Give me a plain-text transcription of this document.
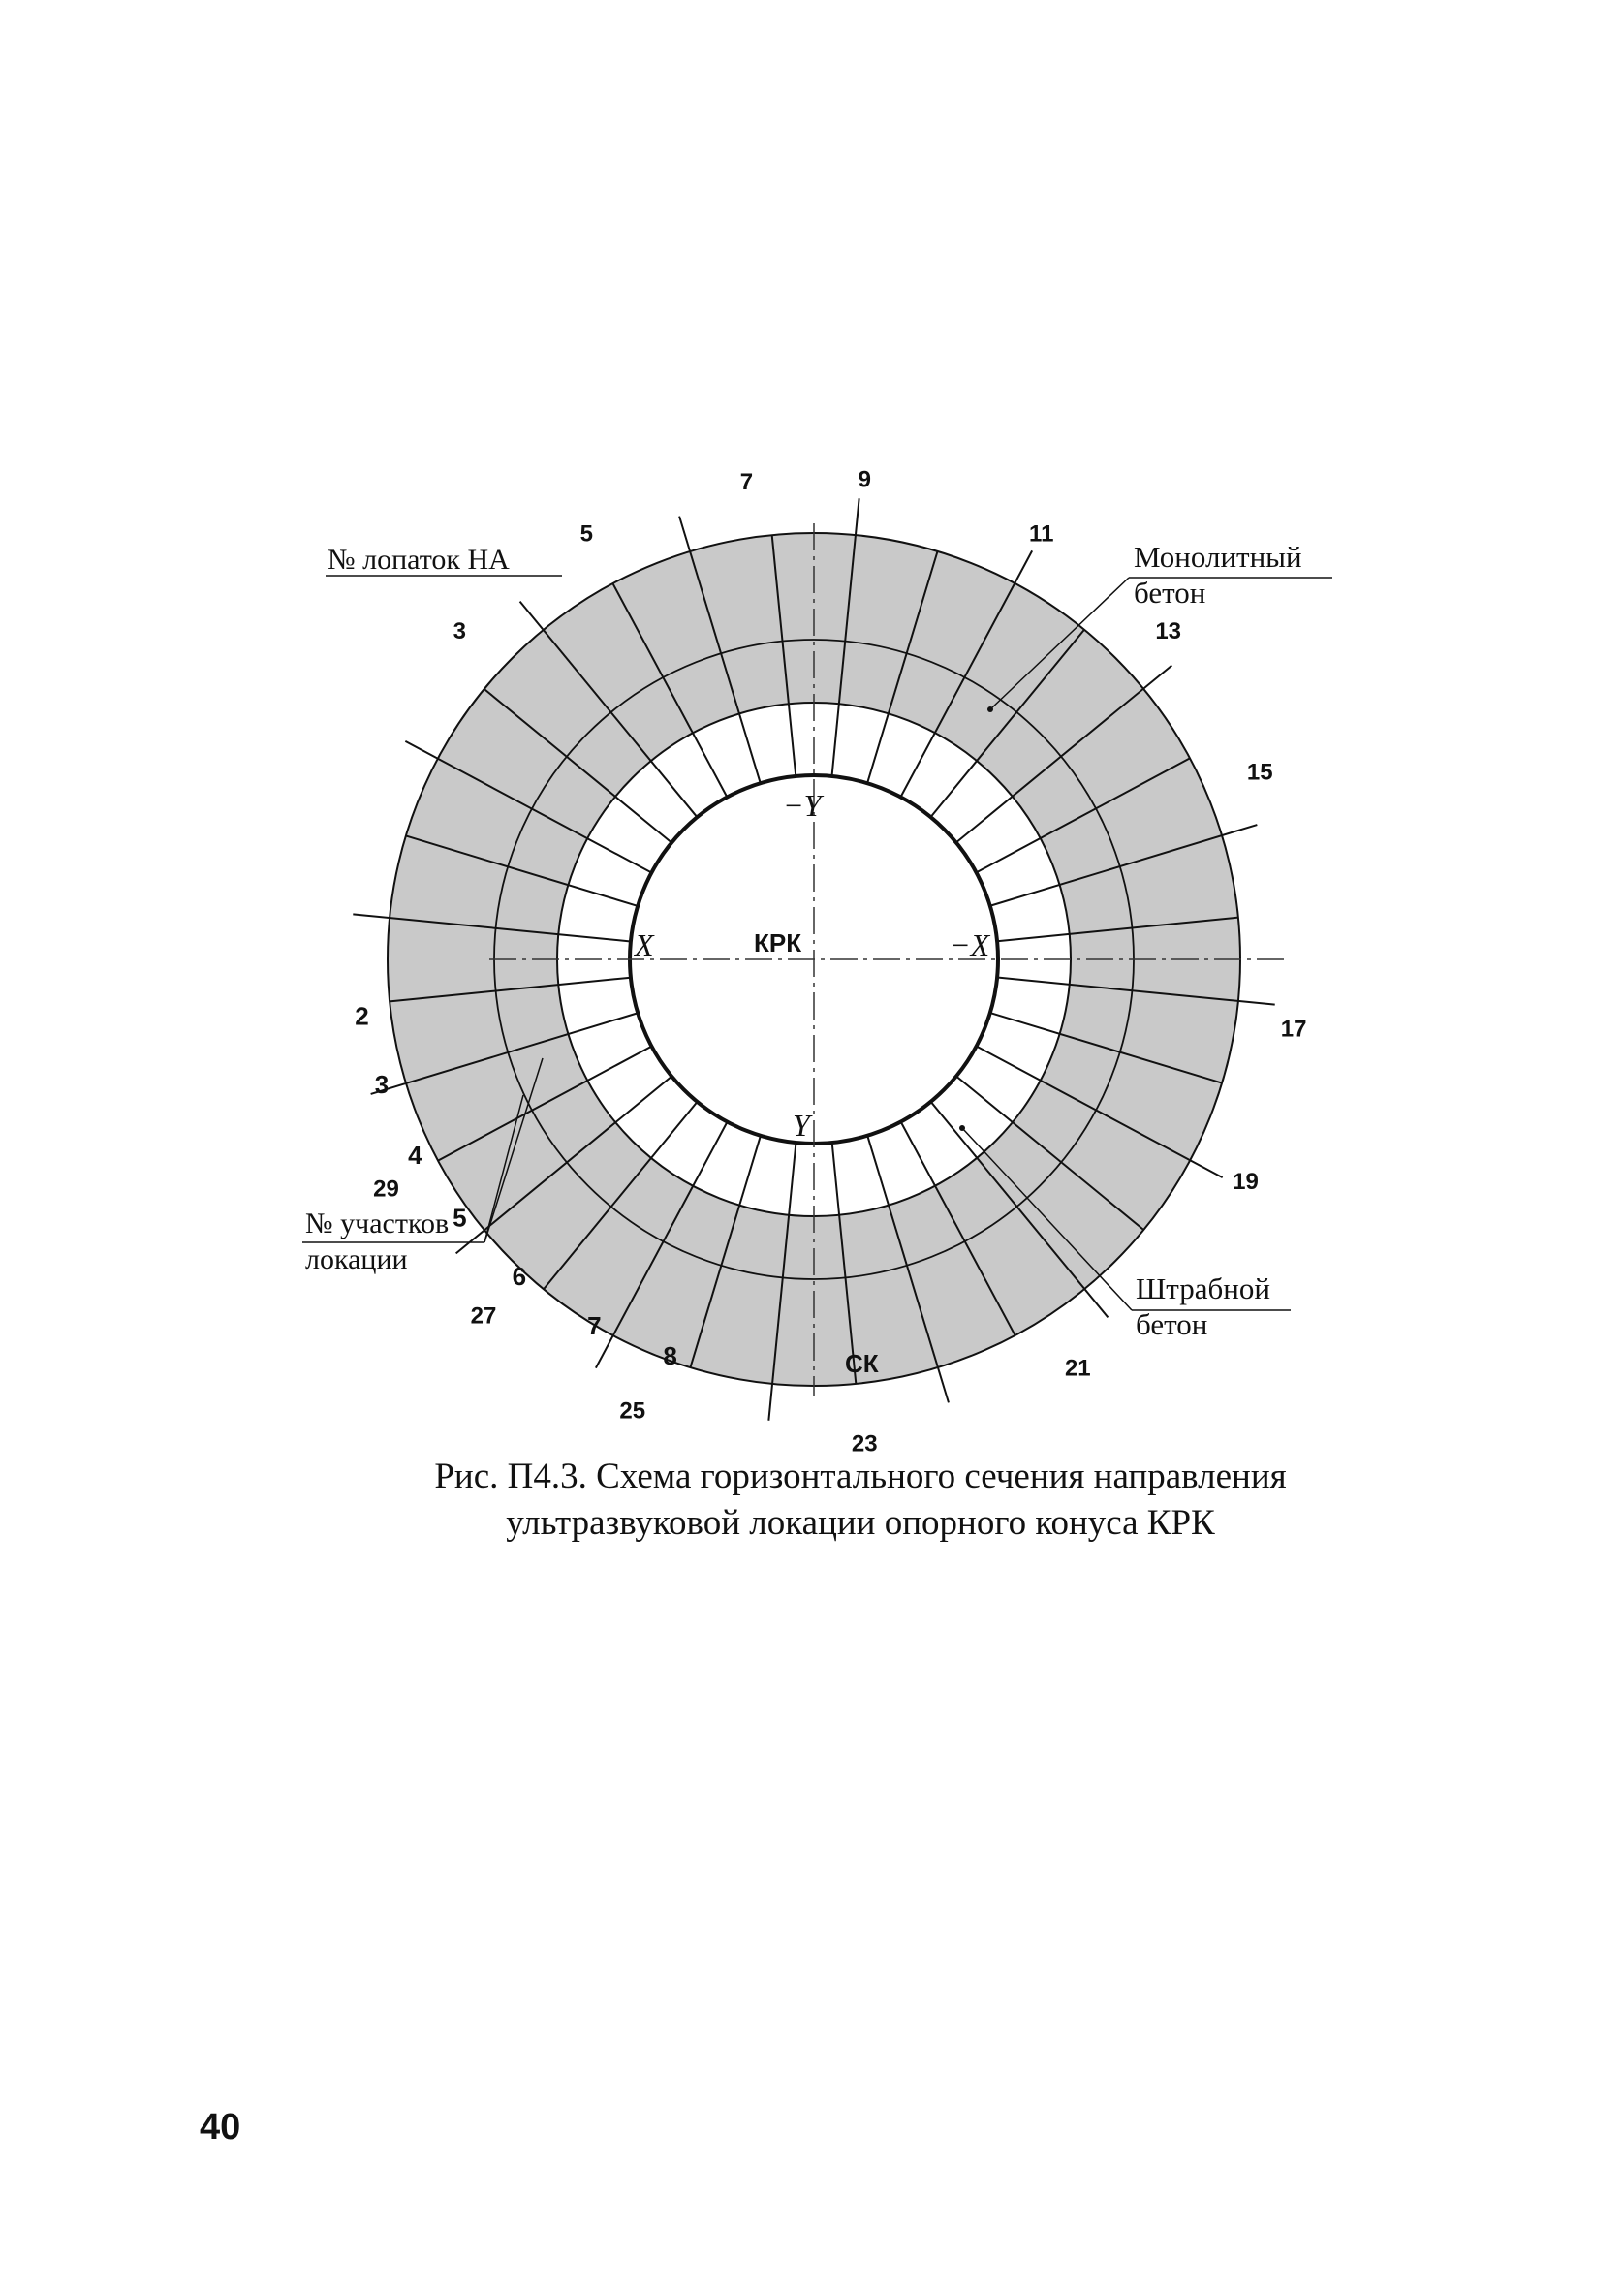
2
3
4
5
6
7
8
3
5
7	9
11
13
15
17
19
21
23
25
27
29
№ лопаток НА	Монолитный
бетон
Штрабной
бетон
№ участков
локации
КРК
X	−X
−Y
Y
СК
Рис. П4.3. Схема горизонтального сечения направления
ультразвуковой локации опорного конуса КРК
40
